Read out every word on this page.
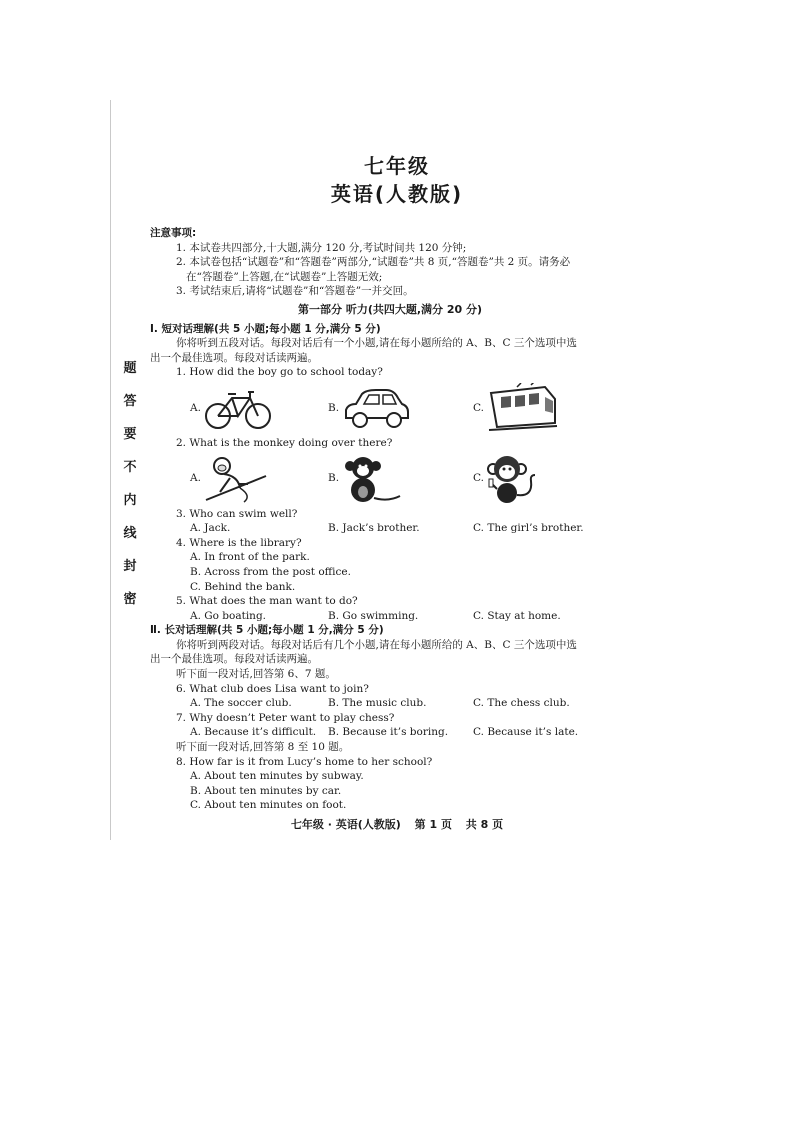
题
答
要
不
内
线
封
密
七年级
英语(人教版)
注意事项:
1. 本试卷共四部分,十大题,满分 120 分,考试时间共 120 分钟;
2. 本试卷包括“试题卷”和“答题卷”两部分,“试题卷”共 8 页,“答题卷”共 2 页。请务必
在“答题卷”上答题,在“试题卷”上答题无效;
3. 考试结束后,请将“试题卷”和“答题卷”一并交回。
第一部分 听力(共四大题,满分 20 分)
Ⅰ. 短对话理解(共 5 小题;每小题 1 分,满分 5 分)
你将听到五段对话。每段对话后有一个小题,请在每小题所给的 A、B、C 三个选项中选
出一个最佳选项。每段对话读两遍。
1. How did the boy go to school today?
A.	B.	C.
2. What is the monkey doing over there?
A.	B.	C.
3. Who can swim well?
A. Jack.	B. Jack’s brother.	C. The girl’s brother.
4. Where is the library?
A. In front of the park.
B. Across from the post office.
C. Behind the bank.
5. What does the man want to do?
A. Go boating.	B. Go swimming.	C. Stay at home.
Ⅱ. 长对话理解(共 5 小题;每小题 1 分,满分 5 分)
你将听到两段对话。每段对话后有几个小题,请在每小题所给的 A、B、C 三个选项中选
出一个最佳选项。每段对话读两遍。
听下面一段对话,回答第 6、7 题。
6. What club does Lisa want to join?
A. The soccer club.	B. The music club.	C. The chess club.
7. Why doesn’t Peter want to play chess?
A. Because it’s difficult.	B. Because it’s boring.	C. Because it’s late.
听下面一段对话,回答第 8 至 10 题。
8. How far is it from Lucy’s home to her school?
A. About ten minutes by subway.
B. About ten minutes by car.
C. About ten minutes on foot.
七年级 · 英语(人教版) 第 1 页 共 8 页
